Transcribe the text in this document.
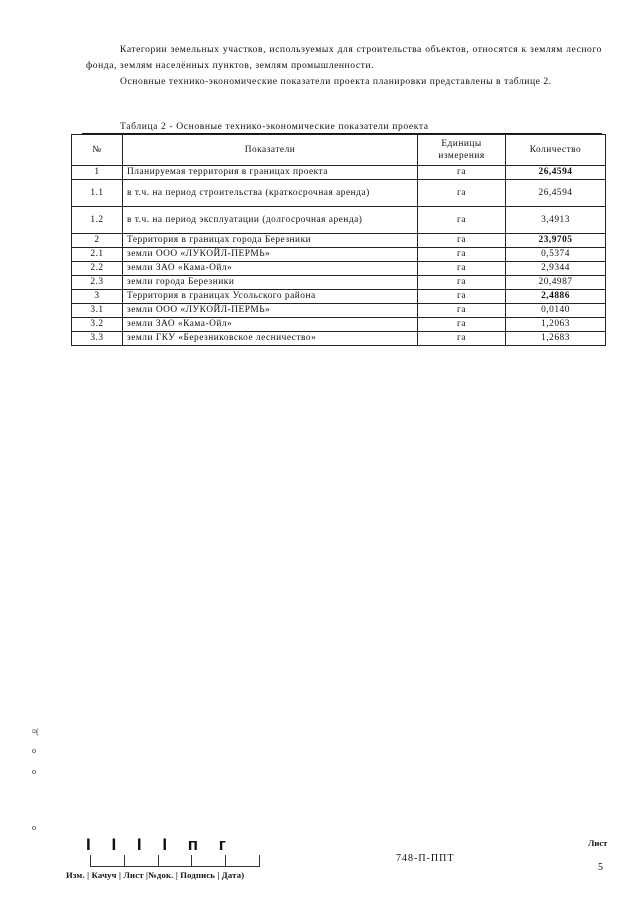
Категории земельных участков, используемых для строительства объектов, относятся к землям лесного фонда, землям населённых пунктов, землям промышленности.

Основные технико-экономические показатели проекта планировки представлены в таблице 2.

Таблица 2 - Основные технико-экономические показатели проекта
№	Показатели	Единицы измерения	Количество
1	Планируемая территория в границах проекта	га	26,4594
1.1	в т.ч. на период строительства (краткосрочная аренда)	га	26,4594
1.2	в т.ч. на период эксплуатации (долгосрочная аренда)	га	3,4913
2	Территория в границах города Березники	га	23,9705
2.1	земли ООО «ЛУКОЙЛ-ПЕРМЬ»	га	0,5374
2.2	земли ЗАО «Кама-Ойл»	га	2,9344
2.3	земли города Березники	га	20,4987
3	Территория в границах Усольского района	га	2,4886
3.1	земли ООО «ЛУКОЙЛ-ПЕРМЬ»	га	0,0140
3.2	земли ЗАО «Кама-Ойл»	га	1,2063
3.3	земли ГКУ «Березниковское лесничество»	га	1,2683
¤(
о
о
о
I I I I п г
Изм. | Качуч | Лист |№док. | Подпись | Дата)
748-П-ППТ
Лист
5
